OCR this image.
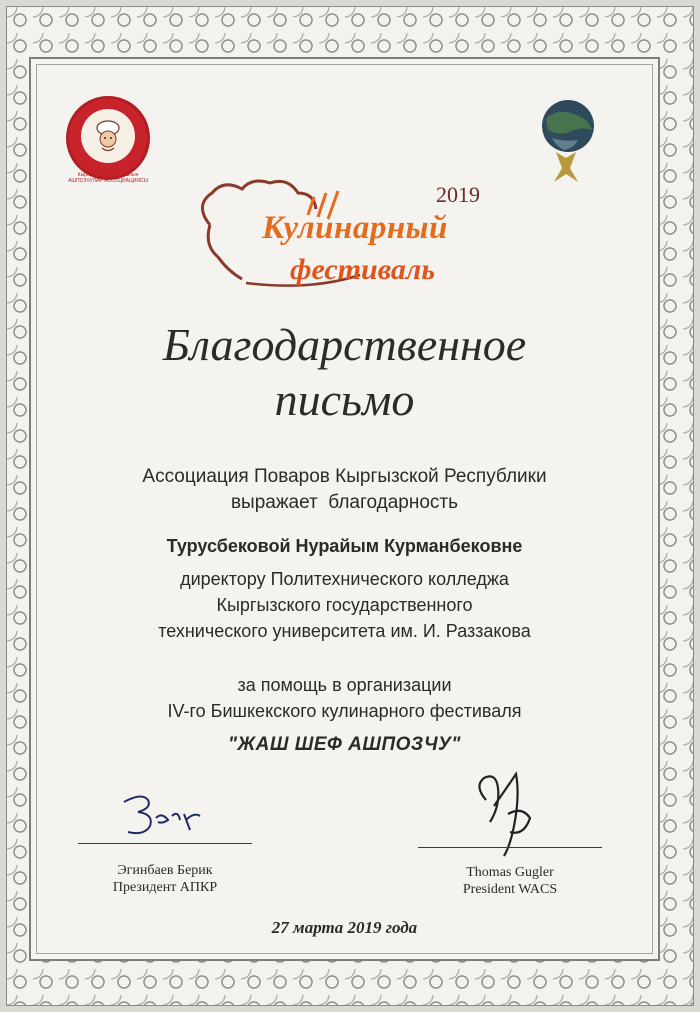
Кыргыз Республикасынын
АШПОЗЧУЛАР АССОЦИАЦИЯСЫ
2019
Кулинарный
фестиваль
Благодарственное
письмо
Ассоциация Поваров Кыргызской Республики
выражает  благодарность
Турусбековой Нурайым Курманбековне
директору Политехнического колледжа
Кыргызского государственного
технического университета им. И. Раззакова
за помощь в организации
IV-го Бишкекского кулинарного фестиваля
"ЖАШ ШЕФ АШПОЗЧУ"
Эгинбаев Берик
Президент АПКР
Thomas Gugler
President WACS
27 марта 2019 года
